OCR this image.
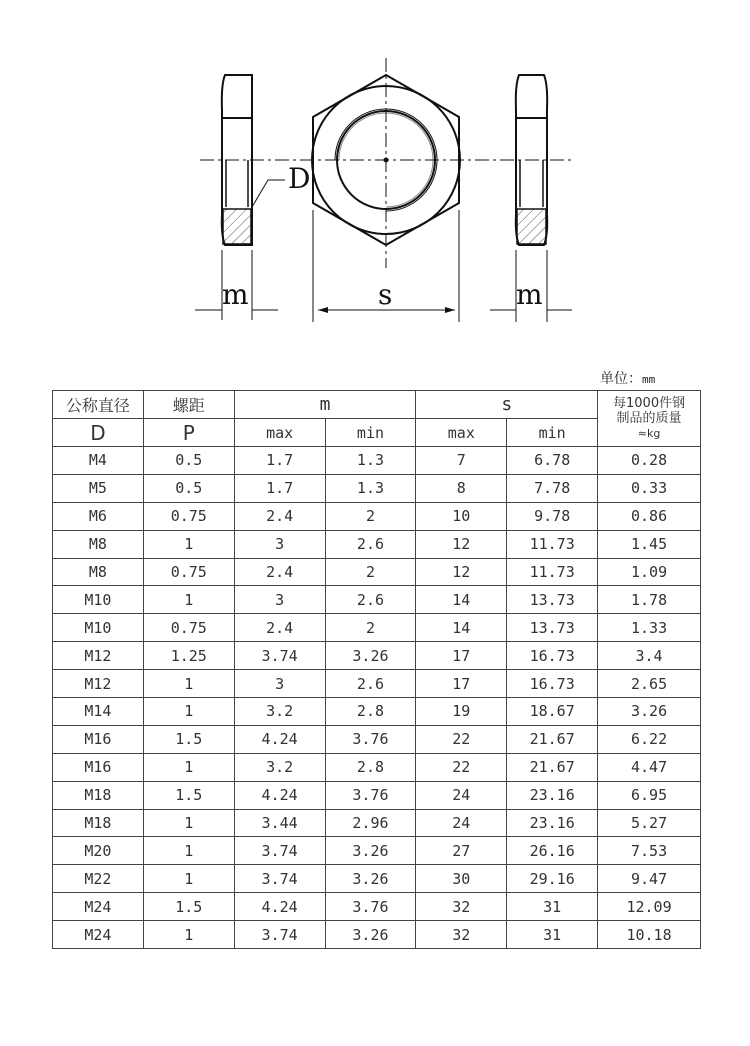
D
m	s	m
单位：mm
公称直径	螺距	m		s		每1000件钢
制品的质量
≈kg

D	P	max	min	max	min	
M4	0.5	1.7	1.3	7	6.78	0.28
M5	0.5	1.7	1.3	8	7.78	0.33
M6	0.75	2.4	2	10	9.78	0.86
M8	1	3	2.6	12	11.73	1.45
M8	0.75	2.4	2	12	11.73	1.09
M10	1	3	2.6	14	13.73	1.78
M10	0.75	2.4	2	14	13.73	1.33
M12	1.25	3.74	3.26	17	16.73	3.4
M12	1	3	2.6	17	16.73	2.65
M14	1	3.2	2.8	19	18.67	3.26
M16	1.5	4.24	3.76	22	21.67	6.22
M16	1	3.2	2.8	22	21.67	4.47
M18	1.5	4.24	3.76	24	23.16	6.95
M18	1	3.44	2.96	24	23.16	5.27
M20	1	3.74	3.26	27	26.16	7.53
M22	1	3.74	3.26	30	29.16	9.47
M24	1.5	4.24	3.76	32	31	12.09
M24	1	3.74	3.26	32	31	10.18
